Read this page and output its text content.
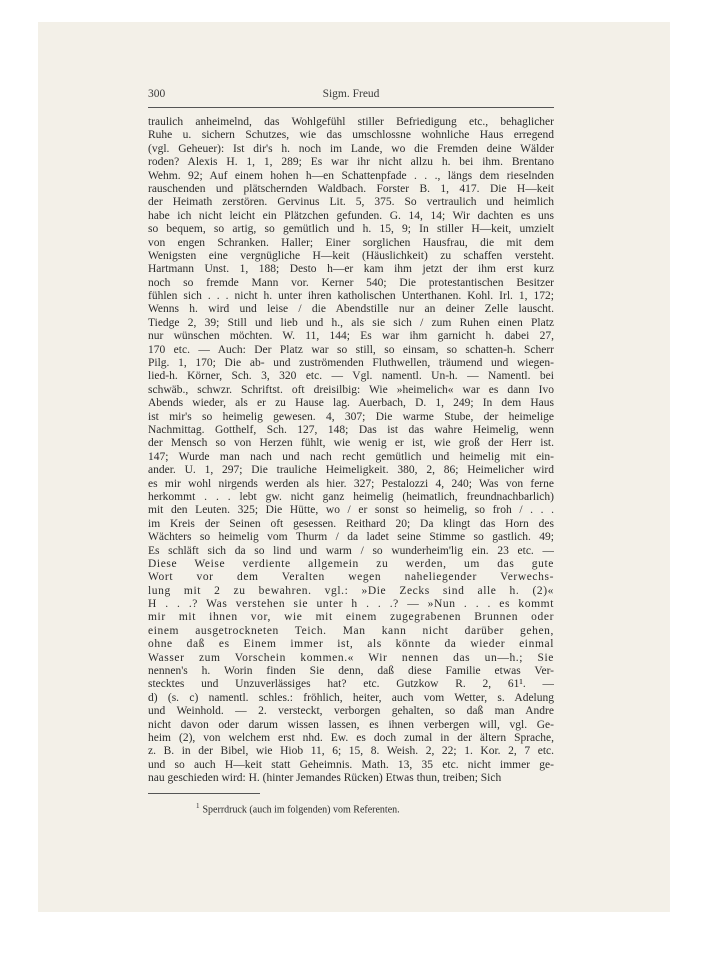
300	Sigm. Freud
traulich anheimelnd, das Wohlgefühl stiller Befriedigung etc., behaglicher
Ruhe u. sichern Schutzes, wie das umschlossne wohnliche Haus erregend
(vgl. Geheuer): Ist dir's h. noch im Lande, wo die Fremden deine Wälder
roden? Alexis H. 1, 1, 289; Es war ihr nicht allzu h. bei ihm. Brentano
Wehm. 92; Auf einem hohen h—en Schattenpfade . . ., längs dem rieselnden
rauschenden und plätschernden Waldbach. Forster B. 1, 417. Die H—keit
der Heimath zerstören. Gervinus Lit. 5, 375. So vertraulich und heimlich
habe ich nicht leicht ein Plätzchen gefunden. G. 14, 14; Wir dachten es uns
so bequem, so artig, so gemütlich und h. 15, 9; In stiller H—keit, umzielt
von engen Schranken. Haller; Einer sorglichen Hausfrau, die mit dem
Wenigsten eine vergnügliche H—keit (Häuslichkeit) zu schaffen versteht.
Hartmann Unst. 1, 188; Desto h—er kam ihm jetzt der ihm erst kurz
noch so fremde Mann vor. Kerner 540; Die protestantischen Besitzer
fühlen sich . . . nicht h. unter ihren katholischen Unterthanen. Kohl. Irl. 1, 172;
Wenns h. wird und leise / die Abendstille nur an deiner Zelle lauscht.
Tiedge 2, 39; Still und lieb und h., als sie sich / zum Ruhen einen Platz
nur wünschen möchten. W. 11, 144; Es war ihm garnicht h. dabei 27,
170 etc. — Auch: Der Platz war so still, so einsam, so schatten-h. Scherr
Pilg. 1, 170; Die ab- und zuströmenden Fluthwellen, träumend und wiegen-
lied-h. Körner, Sch. 3, 320 etc. — Vgl. namentl. Un-h. — Namentl. bei
schwäb., schwzr. Schriftst. oft dreisilbig: Wie »heimelich« war es dann Ivo
Abends wieder, als er zu Hause lag. Auerbach, D. 1, 249; In dem Haus
ist mir's so heimelig gewesen. 4, 307; Die warme Stube, der heimelige
Nachmittag. Gotthelf, Sch. 127, 148; Das ist das wahre Heimelig, wenn
der Mensch so von Herzen fühlt, wie wenig er ist, wie groß der Herr ist.
147; Wurde man nach und nach recht gemütlich und heimelig mit ein-
ander. U. 1, 297; Die trauliche Heimeligkeit. 380, 2, 86; Heimelicher wird
es mir wohl nirgends werden als hier. 327; Pestalozzi 4, 240; Was von ferne
herkommt . . . lebt gw. nicht ganz heimelig (heimatlich, freundnachbarlich)
mit den Leuten. 325; Die Hütte, wo / er sonst so heimelig, so froh / . . .
im Kreis der Seinen oft gesessen. Reithard 20; Da klingt das Horn des
Wächters so heimelig vom Thurm / da ladet seine Stimme so gastlich. 49;
Es schläft sich da so lind und warm / so wunderheim'lig ein. 23 etc. —
Diese Weise verdiente allgemein zu werden, um das gute
Wort vor dem Veralten wegen naheliegender Verwechs-
lung mit 2 zu bewahren. vgl.: »Die Zecks sind alle h. (2)«
H . . .? Was verstehen sie unter h . . .? — »Nun . . . es kommt
mir mit ihnen vor, wie mit einem zugegrabenen Brunnen oder
einem ausgetrockneten Teich. Man kann nicht darüber gehen,
ohne daß es Einem immer ist, als könnte da wieder einmal
Wasser zum Vorschein kommen.« Wir nennen das un—h.; Sie
nennen's h. Worin finden Sie denn, daß diese Familie etwas Ver-
stecktes und Unzuverlässiges hat? etc. Gutzkow R. 2, 61¹. —
d) (s. c) namentl. schles.: fröhlich, heiter, auch vom Wetter, s. Adelung
und Weinhold. — 2. versteckt, verborgen gehalten, so daß man Andre
nicht davon oder darum wissen lassen, es ihnen verbergen will, vgl. Ge-
heim (2), von welchem erst nhd. Ew. es doch zumal in der ältern Sprache,
z. B. in der Bibel, wie Hiob 11, 6; 15, 8. Weish. 2, 22; 1. Kor. 2, 7 etc.
und so auch H—keit statt Geheimnis. Math. 13, 35 etc. nicht immer ge-
nau geschieden wird: H. (hinter Jemandes Rücken) Etwas thun, treiben; Sich
$^1$ Sperrdruck (auch im folgenden) vom Referenten.
